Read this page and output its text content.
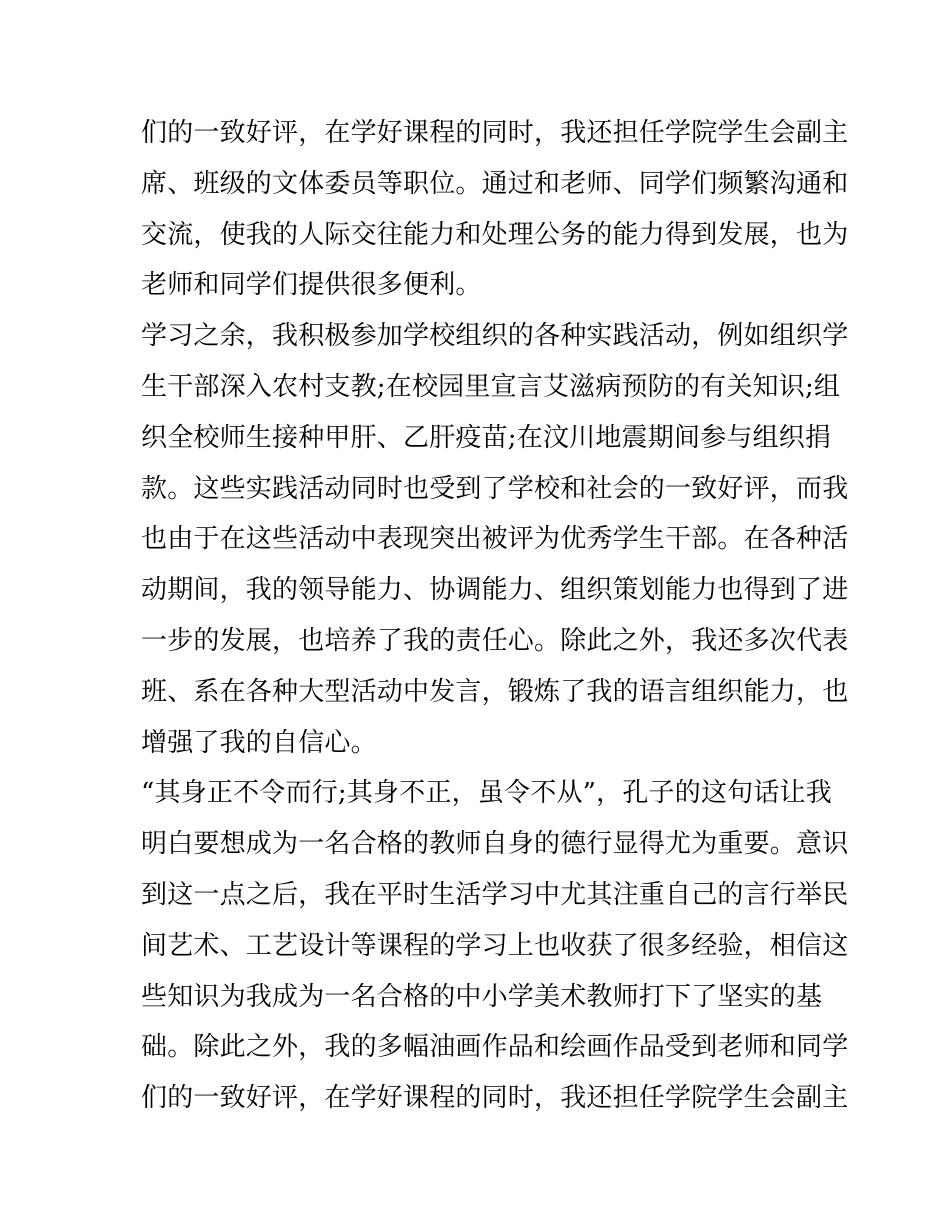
们的一致好评，在学好课程的同时，我还担任学院学生会副主
席、班级的文体委员等职位。通过和老师、同学们频繁沟通和
交流，使我的人际交往能力和处理公务的能力得到发展，也为
老师和同学们提供很多便利。
学习之余，我积极参加学校组织的各种实践活动，例如组织学
生干部深入农村支教;在校园里宣言艾滋病预防的有关知识;组
织全校师生接种甲肝、乙肝疫苗;在汶川地震期间参与组织捐
款。这些实践活动同时也受到了学校和社会的一致好评，而我
也由于在这些活动中表现突出被评为优秀学生干部。在各种活
动期间，我的领导能力、协调能力、组织策划能力也得到了进
一步的发展，也培养了我的责任心。除此之外，我还多次代表
班、系在各种大型活动中发言，锻炼了我的语言组织能力，也
增强了我的自信心。
“其身正不令而行;其身不正，虽令不从”，孔子的这句话让我
明白要想成为一名合格的教师自身的德行显得尤为重要。意识
到这一点之后，我在平时生活学习中尤其注重自己的言行举民
间艺术、工艺设计等课程的学习上也收获了很多经验，相信这
些知识为我成为一名合格的中小学美术教师打下了坚实的基
础。除此之外，我的多幅油画作品和绘画作品受到老师和同学
们的一致好评，在学好课程的同时，我还担任学院学生会副主
